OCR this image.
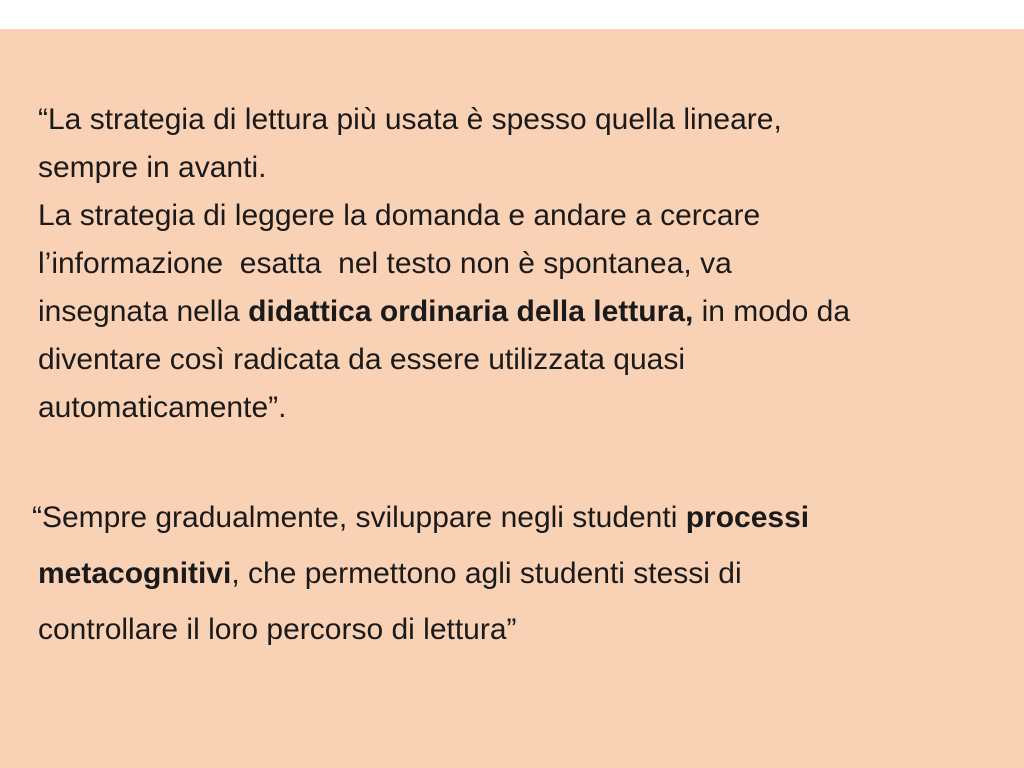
“La strategia di lettura più usata è spesso quella lineare,
sempre in avanti.
La strategia di leggere la domanda e andare a cercare
l’informazione  esatta  nel testo non è spontanea, va
insegnata nella didattica ordinaria della lettura, in modo da
diventare così radicata da essere utilizzata quasi
automaticamente”.

“Sempre gradualmente, sviluppare negli studenti processi
metacognitivi, che permettono agli studenti stessi di
controllare il loro percorso di lettura”
